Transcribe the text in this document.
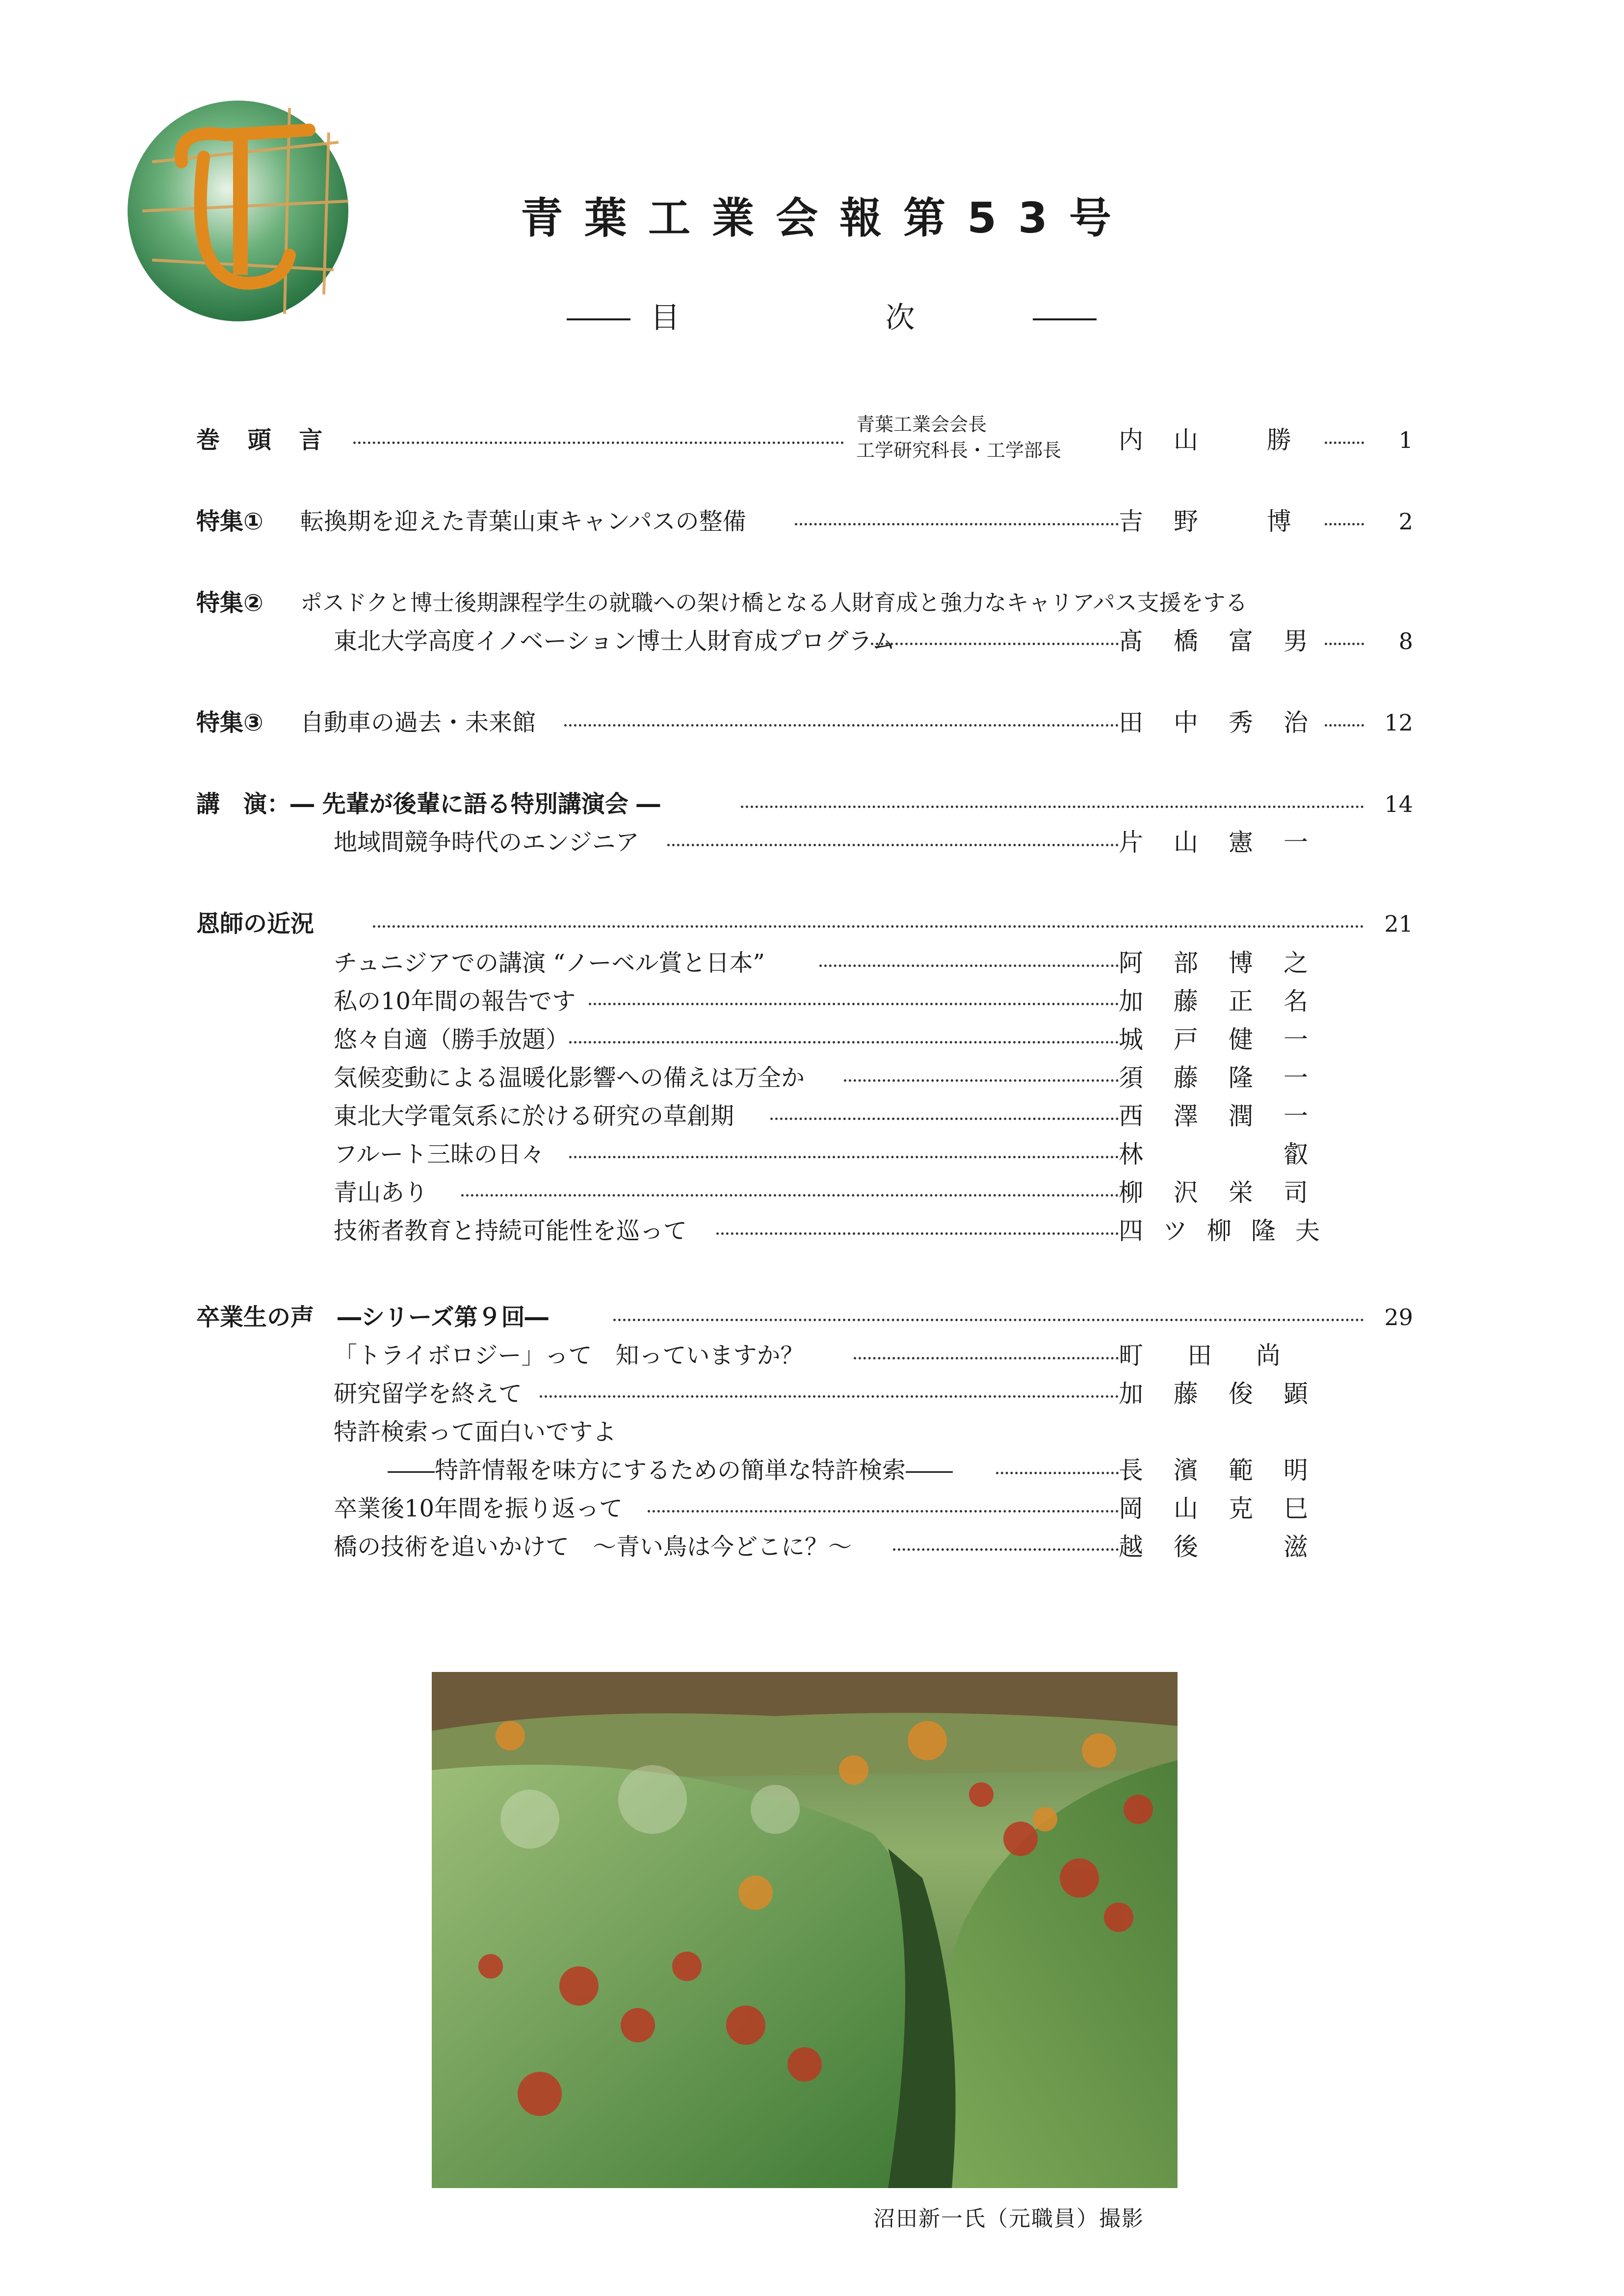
青葉工業会報第53号
目 次
巻 頭 言
青葉工業会会長
工学研究科長・工学部長 内山 勝	1
特集① 転換期を迎えた青葉山東キャンパスの整備	吉野 博	2
特集② ポスドクと博士後期課程学生の就職への架け橋となる人財育成と強力なキャリアパス支援をする
東北大学高度イノベーション博士人財育成プログラム	髙橋富男	8
特集③ 自動車の過去・未来館	田中秀治	12
講　演：― 先輩が後輩に語る特別講演会 ―	14
地域間競争時代のエンジニア	片山憲一
恩師の近況	21
チュニジアでの講演 “ノーベル賞と日本”	阿部博之
私の10年間の報告です	加藤正名
悠々自適（勝手放題）	城戸健一
気候変動による温暖化影響への備えは万全か	須藤隆一
東北大学電気系に於ける研究の草創期	西澤潤一
フルート三昧の日々	林　　叡
青山あり	柳沢栄司
技術者教育と持続可能性を巡って	四ツ柳隆夫
卒業生の声　―シリーズ第９回―	29
「トライボロジー」って　知っていますか？	町田尚
研究留学を終えて	加藤俊顕
特許検索って面白いですよ
――特許情報を味方にするための簡単な特許検索――	長濱範明
卒業後10年間を振り返って	岡山克巳
橋の技術を追いかけて　～青い鳥は今どこに？～	越後　滋
沼田新一氏（元職員）撮影
